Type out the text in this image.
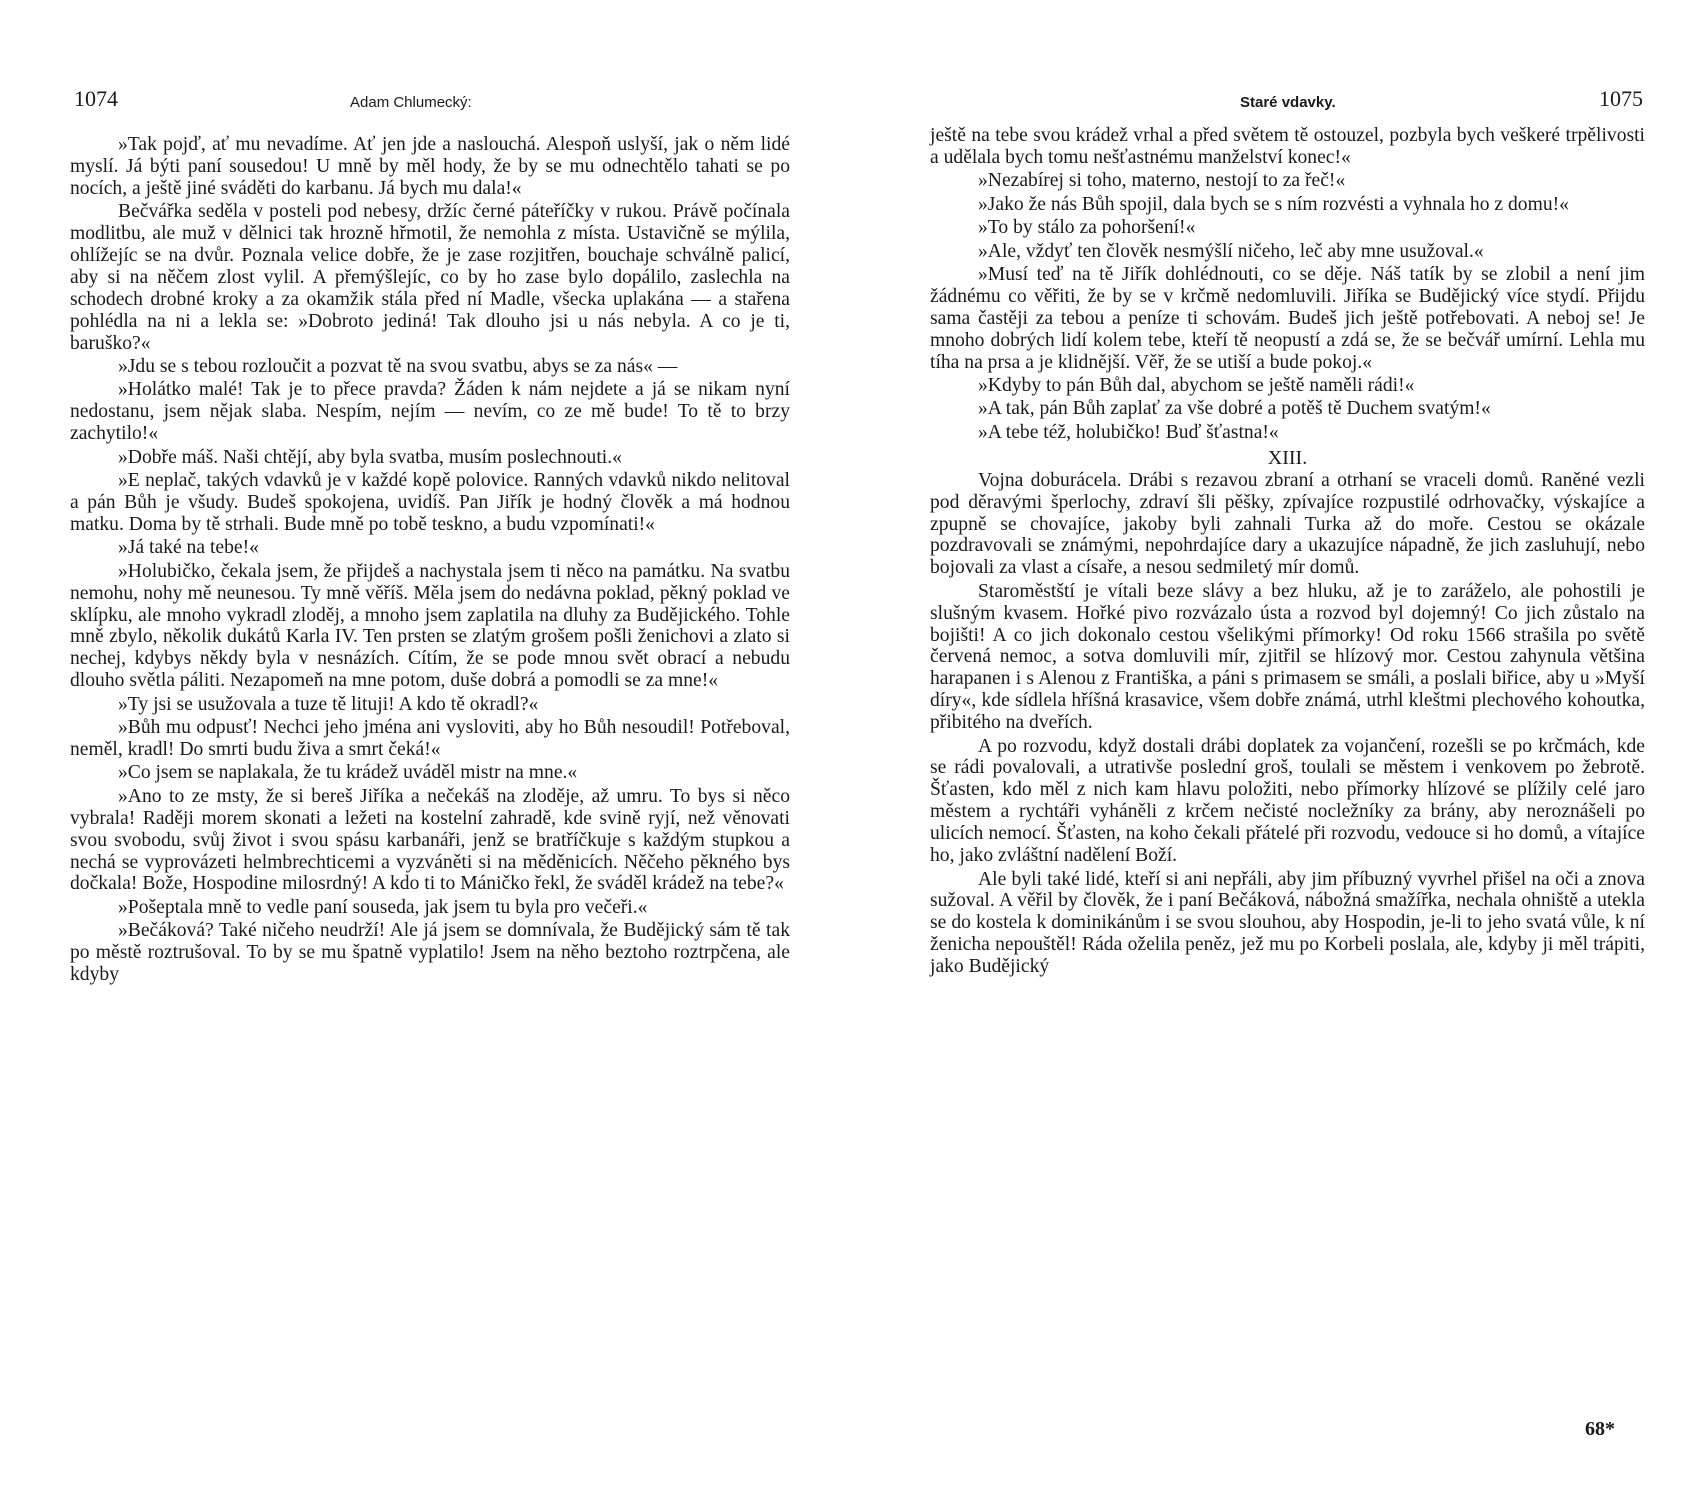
1074	Adam Chlumecký:

»Tak pojď, ať mu nevadíme. Ať jen jde a naslouchá. Alespoň uslyší, jak o něm lidé myslí. Já býti paní sousedou! U mně by měl hody, že by se mu odnechtělo tahati se po nocích, a ještě jiné sváděti do karbanu. Já bych mu dala!«

Bečvářka seděla v posteli pod nebesy, držíc černé páteříčky v rukou. Právě počínala modlitbu, ale muž v dělnici tak hrozně hřmotil, že nemohla z místa. Ustavičně se mýlila, ohlížejíc se na dvůr. Poznala velice dobře, že je zase rozjitřen, bouchaje schválně palicí, aby si na něčem zlost vylil. A přemýšlejíc, co by ho zase bylo dopálilo, zaslechla na schodech drobné kroky a za okamžik stála před ní Madle, všecka uplakána — a stařena pohlédla na ni a lekla se: »Dobroto jediná! Tak dlouho jsi u nás nebyla. A co je ti, baruško?«

»Jdu se s tebou rozloučit a pozvat tě na svou svatbu, abys se za nás« —

»Holátko malé! Tak je to přece pravda? Žáden k nám nejdete a já se nikam nyní nedostanu, jsem nějak slaba. Nespím, nejím — nevím, co ze mě bude! To tě to brzy zachytilo!«

»Dobře máš. Naši chtějí, aby byla svatba, musím poslechnouti.«

»E neplač, takých vdavků je v každé kopě polovice. Ranných vdavků nikdo nelitoval a pán Bůh je všudy. Budeš spokojena, uvidíš. Pan Jiřík je hodný člověk a má hodnou matku. Doma by tě strhali. Bude mně po tobě teskno, a budu vzpomínati!«

»Já také na tebe!«

»Holubičko, čekala jsem, že přijdeš a nachystala jsem ti něco na památku. Na svatbu nemohu, nohy mě neunesou. Ty mně věříš. Měla jsem do nedávna poklad, pěkný poklad ve sklípku, ale mnoho vykradl zloděj, a mnoho jsem zaplatila na dluhy za Budějického. Tohle mně zbylo, několik dukátů Karla IV. Ten prsten se zlatým grošem pošli ženichovi a zlato si nechej, kdybys někdy byla v nesnázích. Cítím, že se pode mnou svět obrací a nebudu dlouho světla páliti. Nezapomeň na mne potom, duše dobrá a pomodli se za mne!«

»Ty jsi se usužovala a tuze tě lituji! A kdo tě okradl?«

»Bůh mu odpusť! Nechci jeho jména ani vysloviti, aby ho Bůh nesoudil! Potřeboval, neměl, kradl! Do smrti budu živa a smrt čeká!«

»Co jsem se naplakala, že tu krádež uváděl mistr na mne.«

»Ano to ze msty, že si bereš Jiříka a nečekáš na zloděje, až umru. To bys si něco vybrala! Raději morem skonati a ležeti na kostelní zahradě, kde svině ryjí, než věnovati svou svobodu, svůj život i svou spásu karbanáři, jenž se bratříčkuje s každým stupkou a nechá se vyprovázeti helmbrechticemi a vyzváněti si na měděnicích. Něčeho pěkného bys dočkala! Bože, Hospodine milosrdný! A kdo ti to Máničko řekl, že sváděl krádež na tebe?«

»Pošeptala mně to vedle paní souseda, jak jsem tu byla pro večeři.«

»Bečáková? Také ničeho neudrží! Ale já jsem se domnívala, že Budějický sám tě tak po městě roztrušoval. To by se mu špatně vyplatilo! Jsem na něho beztoho roztrpčena, ale kdyby

Staré vdavky.	1075

ještě na tebe svou krádež vrhal a před světem tě ostouzel, pozbyla bych veškeré trpělivosti a udělala bych tomu nešťastnému manželství konec!«

»Nezabírej si toho, materno, nestojí to za řeč!«

»Jako že nás Bůh spojil, dala bych se s ním rozvésti a vyhnala ho z domu!«

»To by stálo za pohoršení!«

»Ale, vždyť ten člověk nesmýšlí ničeho, leč aby mne usužoval.«

»Musí teď na tě Jiřík dohlédnouti, co se děje. Náš tatík by se zlobil a není jim žádnému co věřiti, že by se v krčmě nedomluvili. Jiříka se Budějický více stydí. Přijdu sama častěji za tebou a peníze ti schovám. Budeš jich ještě potřebovati. A neboj se! Je mnoho dobrých lidí kolem tebe, kteří tě neopustí a zdá se, že se bečvář umírní. Lehla mu tíha na prsa a je klidnější. Věř, že se utiší a bude pokoj.«

»Kdyby to pán Bůh dal, abychom se ještě naměli rádi!«

»A tak, pán Bůh zaplať za vše dobré a potěš tě Duchem svatým!«

»A tebe též, holubičko! Buď šťastna!«

XIII.

Vojna doburácela. Drábi s rezavou zbraní a otrhaní se vraceli domů. Raněné vezli pod děravými šperlochy, zdraví šli pěšky, zpívajíce rozpustilé odrhovačky, výskajíce a zpupně se chovajíce, jakoby byli zahnali Turka až do moře. Cestou se okázale pozdravovali se známými, nepohrdajíce dary a ukazujíce nápadně, že jich zasluhují, nebo bojovali za vlast a císaře, a nesou sedmiletý mír domů.

Staroměstští je vítali beze slávy a bez hluku, až je to zaráželo, ale pohostili je slušným kvasem. Hořké pivo rozvázalo ústa a rozvod byl dojemný! Co jich zůstalo na bojišti! A co jich dokonalo cestou všelikými přímorky! Od roku 1566 strašila po světě červená nemoc, a sotva domluvili mír, zjitřil se hlízový mor. Cestou zahynula většina harapanen i s Alenou z Františka, a páni s primasem se smáli, a poslali biřice, aby u »Myší díry«, kde sídlela hříšná krasavice, všem dobře známá, utrhl kleštmi plechového kohoutka, přibitého na dveřích.

A po rozvodu, když dostali drábi doplatek za vojančení, rozešli se po krčmách, kde se rádi povalovali, a utrativše poslední groš, toulali se městem i venkovem po žebrotě. Šťasten, kdo měl z nich kam hlavu položiti, nebo přímorky hlízové se plížily celé jaro městem a rychtáři vyháněli z krčem nečisté nocležníky za brány, aby neroznášeli po ulicích nemocí. Šťasten, na koho čekali přátelé při rozvodu, vedouce si ho domů, a vítajíce ho, jako zvláštní nadělení Boží.

Ale byli také lidé, kteří si ani nepřáli, aby jim příbuzný vyvrhel přišel na oči a znova sužoval. A věřil by člověk, že i paní Bečáková, nábožná smažířka, nechala ohniště a utekla se do kostela k dominikánům i se svou slouhou, aby Hospodin, je-li to jeho svatá vůle, k ní ženicha nepouštěl! Ráda oželila peněz, jež mu po Korbeli poslala, ale, kdyby ji měl trápiti, jako Budějický

68*
